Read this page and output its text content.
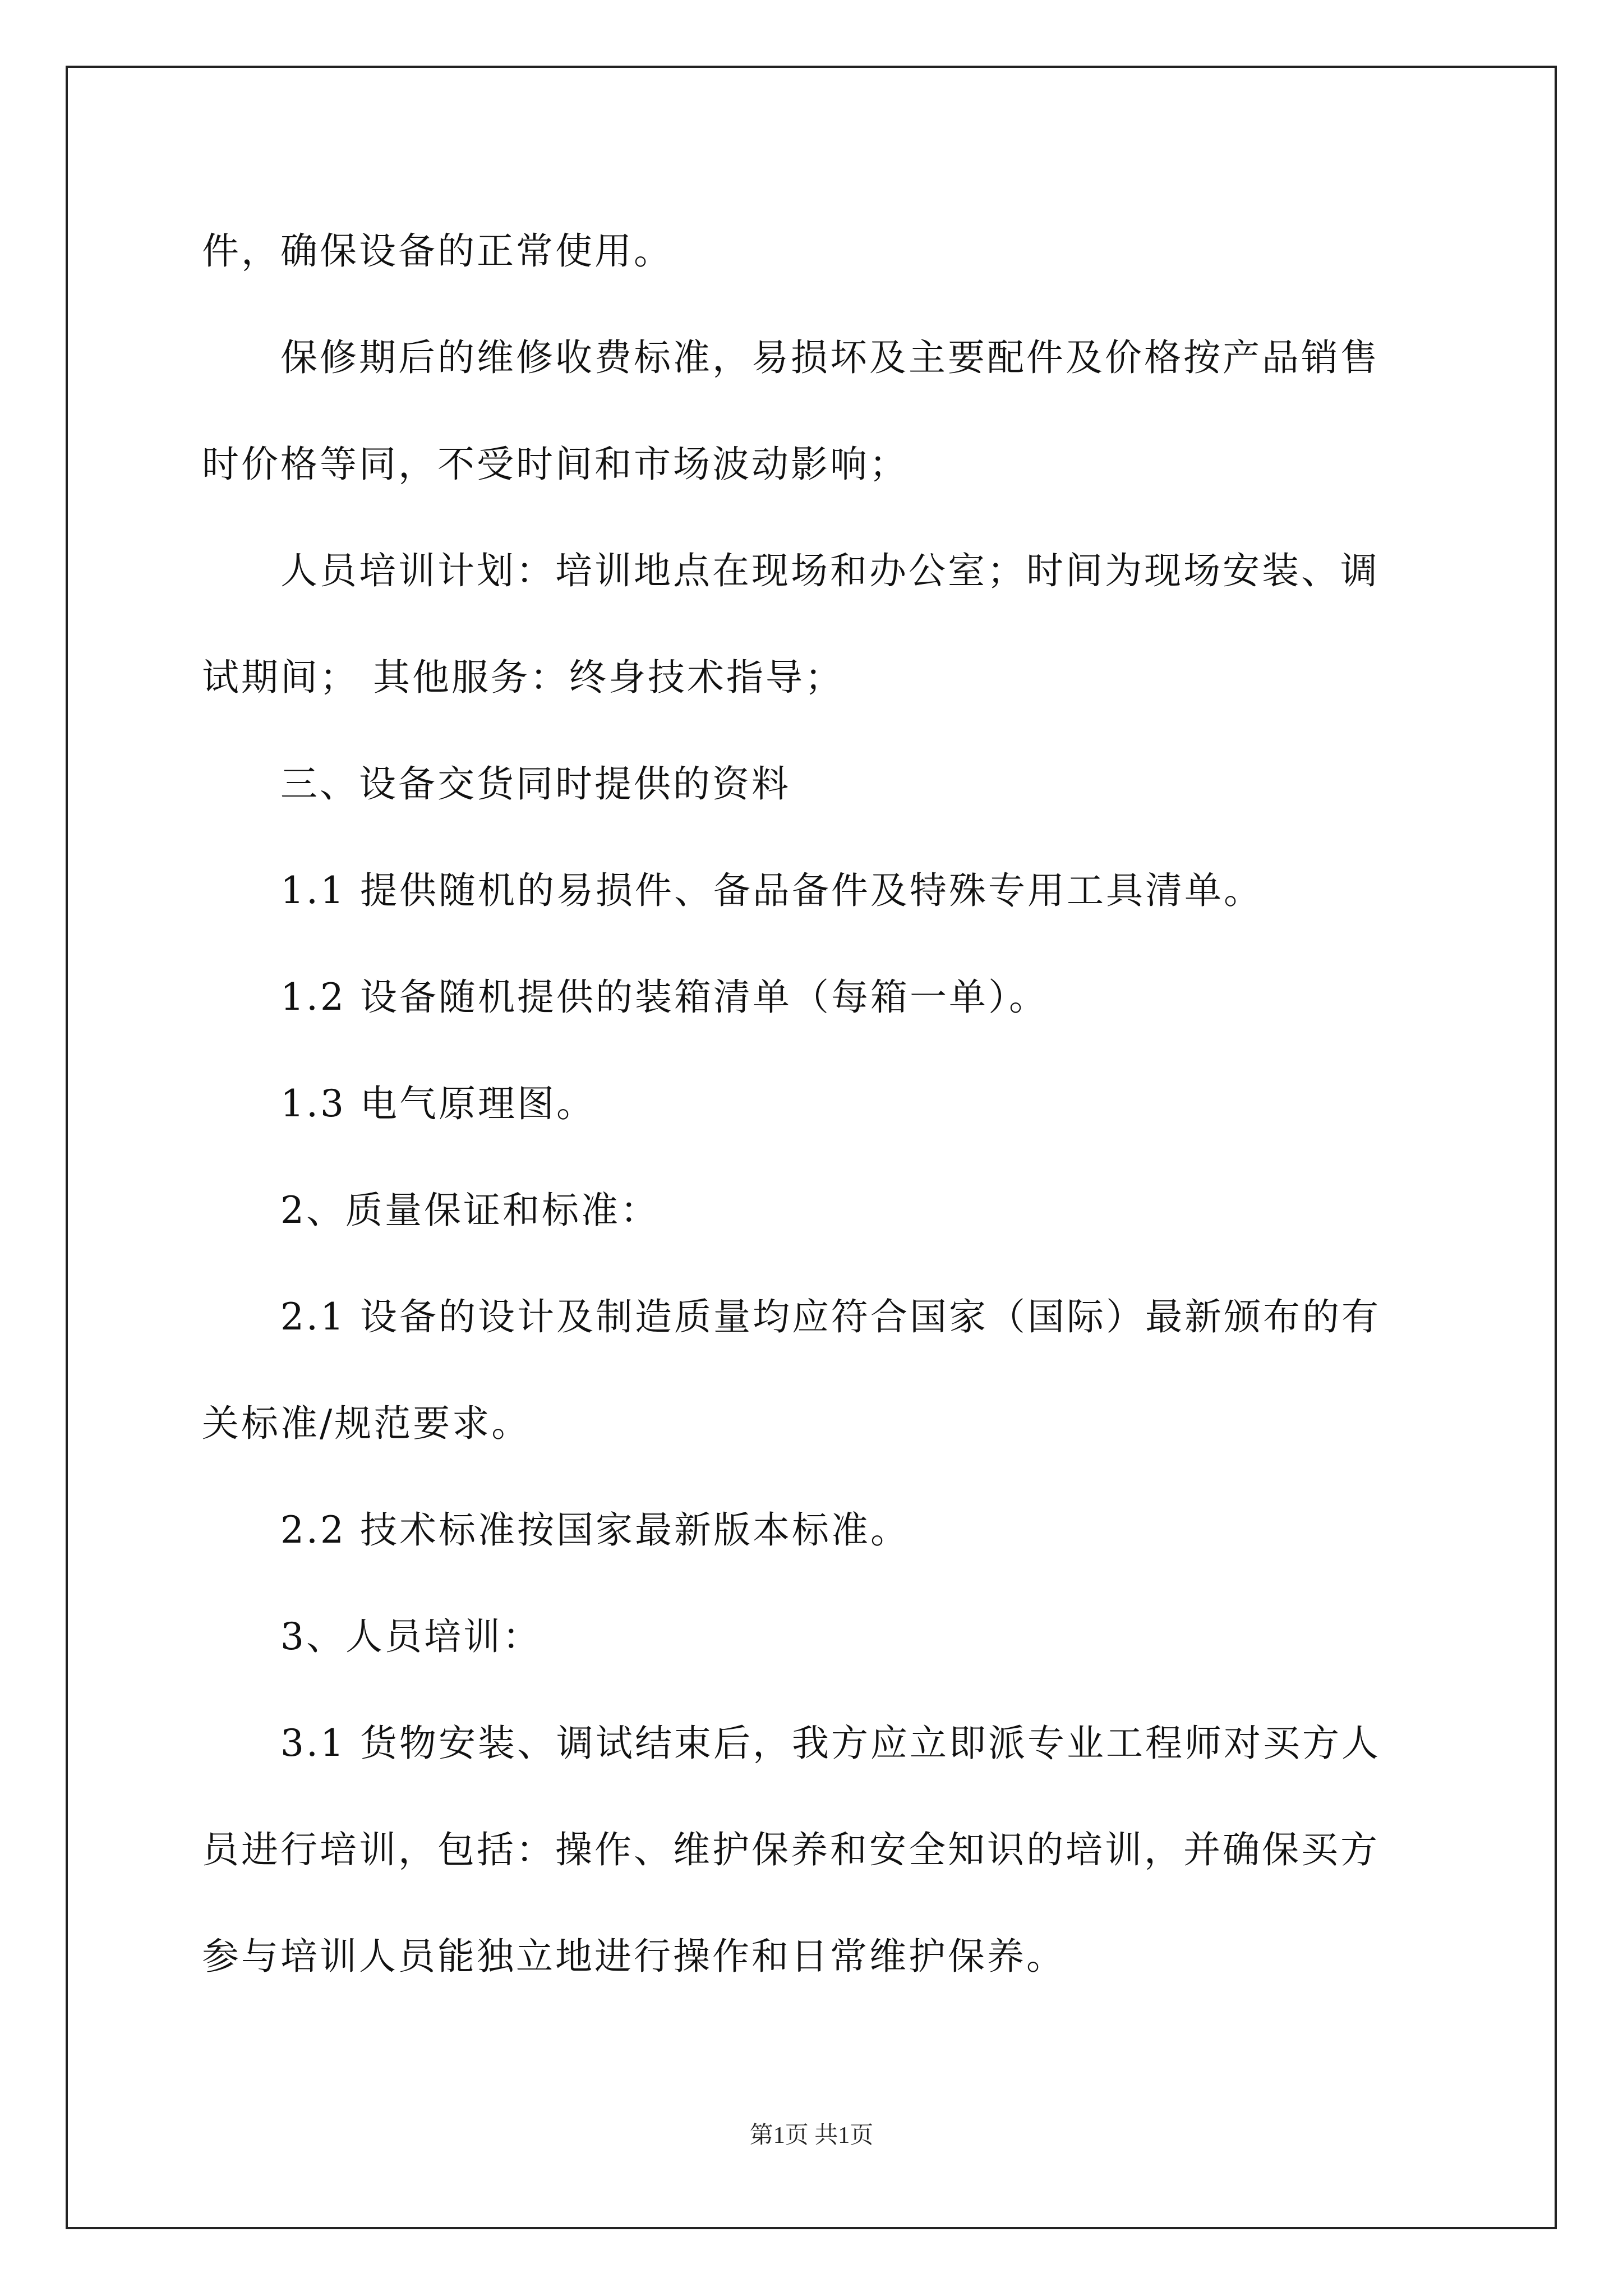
件，确保设备的正常使用。
保修期后的维修收费标准，易损坏及主要配件及价格按产品销售
时价格等同，不受时间和市场波动影响；
人员培训计划：培训地点在现场和办公室；时间为现场安装、调
试期间； 其他服务：终身技术指导；
三、设备交货同时提供的资料
1.1 提供随机的易损件、备品备件及特殊专用工具清单。
1.2 设备随机提供的装箱清单（每箱一单）。
1.3 电气原理图。
2、质量保证和标准：
2.1 设备的设计及制造质量均应符合国家（国际）最新颁布的有
关标准/规范要求。
2.2 技术标准按国家最新版本标准。
3、人员培训：
3.1 货物安装、调试结束后，我方应立即派专业工程师对买方人
员进行培训，包括：操作、维护保养和安全知识的培训，并确保买方
参与培训人员能独立地进行操作和日常维护保养。
第1页 共1页
